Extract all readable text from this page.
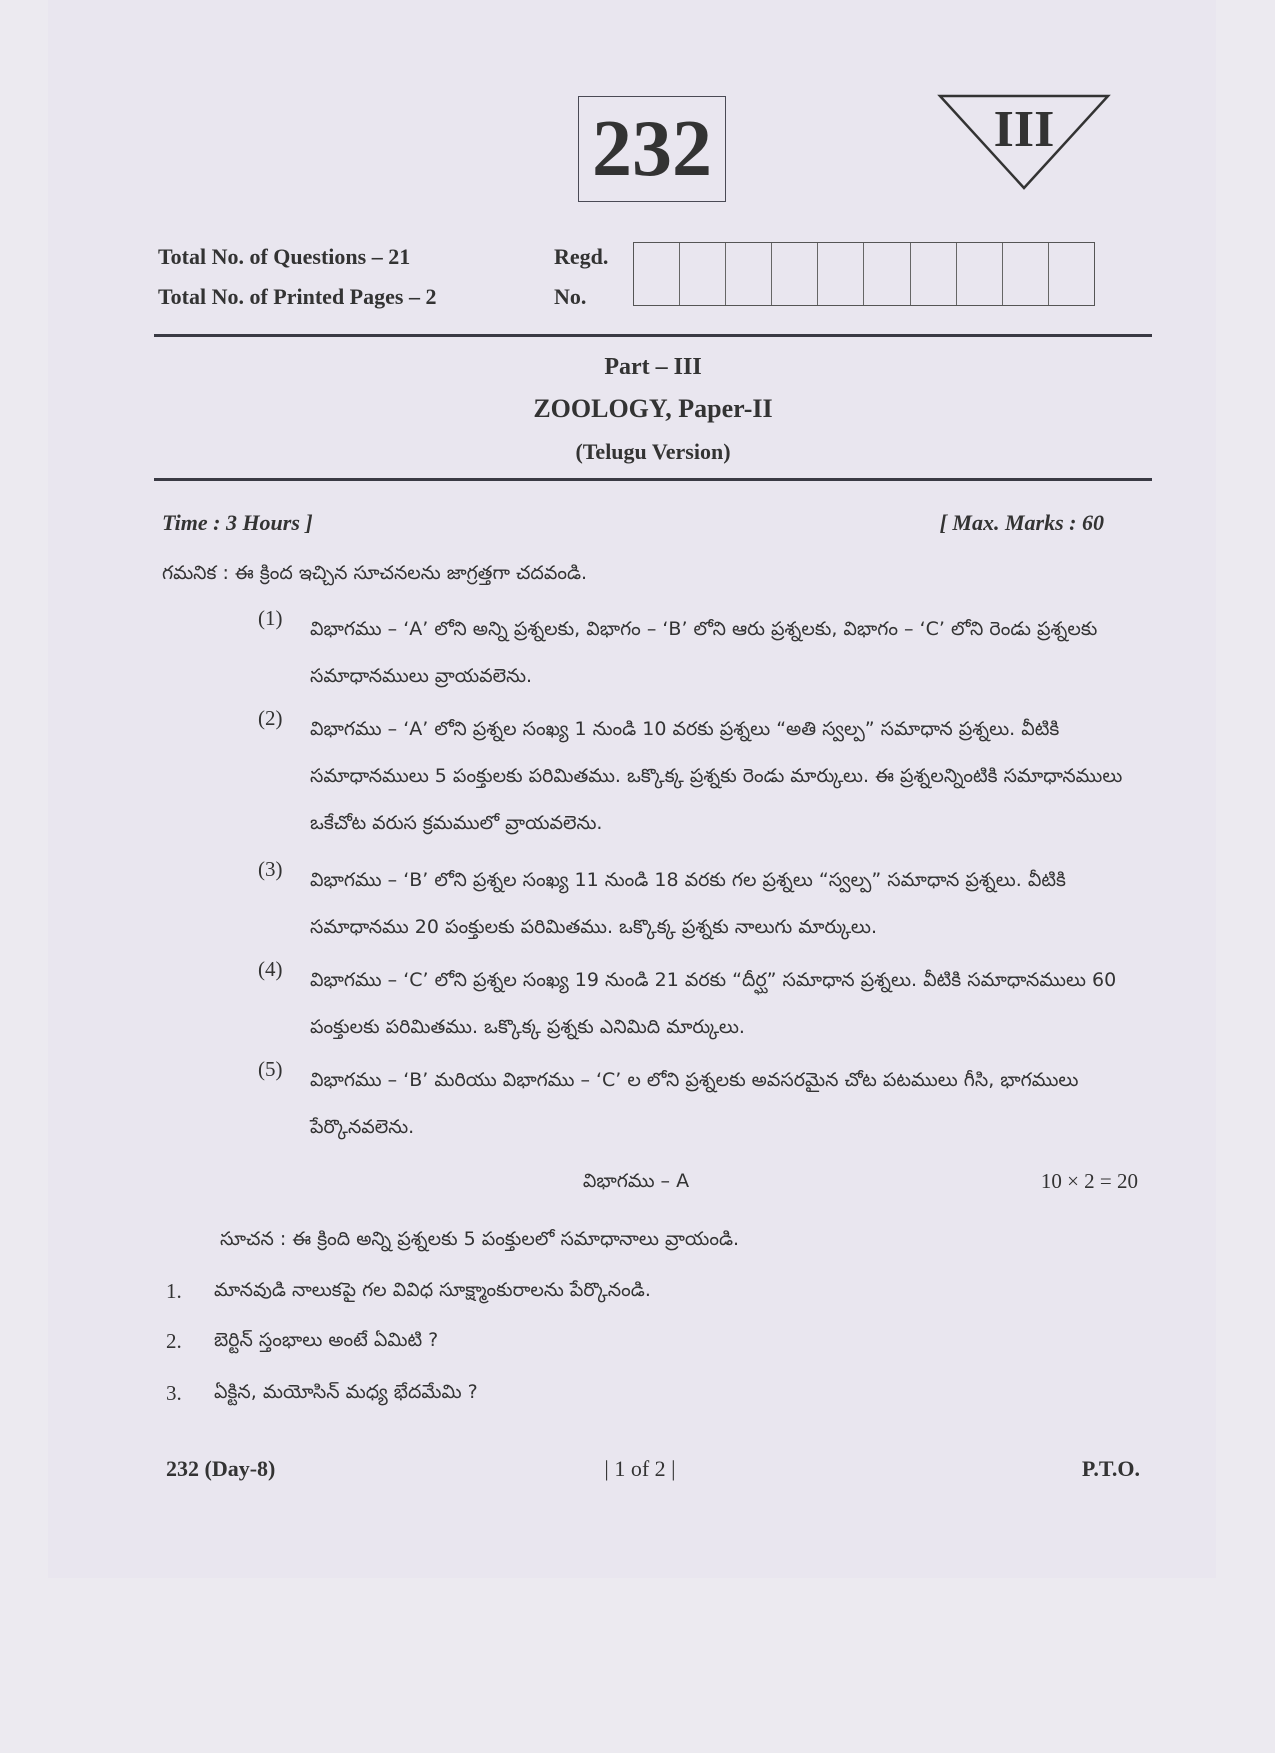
232	III
Total No. of Questions – 21
Total No. of Printed Pages – 2
Regd.
No.
Part – III
ZOOLOGY, Paper-II
(Telugu Version)
Time : 3 Hours ]	[ Max. Marks : 60
గమనిక : ఈ క్రింద ఇచ్చిన సూచనలను జాగ్రత్తగా చదవండి.
(1) విభాగము – ‘A’ లోని అన్ని ప్రశ్నలకు, విభాగం – ‘B’ లోని ఆరు ప్రశ్నలకు, విభాగం – ‘C’ లోని రెండు ప్రశ్నలకు సమాధానములు వ్రాయవలెను.
(2) విభాగము – ‘A’ లోని ప్రశ్నల సంఖ్య 1 నుండి 10 వరకు ప్రశ్నలు “అతి స్వల్ప” సమాధాన ప్రశ్నలు. వీటికి సమాధానములు 5 పంక్తులకు పరిమితము. ఒక్కొక్క ప్రశ్నకు రెండు మార్కులు. ఈ ప్రశ్నలన్నింటికి సమాధానములు ఒకేచోట వరుస క్రమములో వ్రాయవలెను.
(3) విభాగము – ‘B’ లోని ప్రశ్నల సంఖ్య 11 నుండి 18 వరకు గల ప్రశ్నలు “స్వల్ప” సమాధాన ప్రశ్నలు. వీటికి సమాధానము 20 పంక్తులకు పరిమితము. ఒక్కొక్క ప్రశ్నకు నాలుగు మార్కులు.
(4) విభాగము – ‘C’ లోని ప్రశ్నల సంఖ్య 19 నుండి 21 వరకు “దీర్ఘ” సమాధాన ప్రశ్నలు. వీటికి సమాధానములు 60 పంక్తులకు పరిమితము. ఒక్కొక్క ప్రశ్నకు ఎనిమిది మార్కులు.
(5) విభాగము – ‘B’ మరియు విభాగము – ‘C’ ల లోని ప్రశ్నలకు అవసరమైన చోట పటములు గీసి, భాగములు పేర్కొనవలెను.
విభాగము – A	10 × 2 = 20
సూచన : ఈ క్రింది అన్ని ప్రశ్నలకు 5 పంక్తులలో సమాధానాలు వ్రాయండి.
1. మానవుడి నాలుకపై గల వివిధ సూక్ష్మాంకురాలను పేర్కొనండి.
2. బెర్టిన్ స్తంభాలు అంటే ఏమిటి ?
3. ఏక్టిన, మయోసిన్ మధ్య భేదమేమి ?
232 (Day-8)	| 1 of 2 |	P.T.O.
